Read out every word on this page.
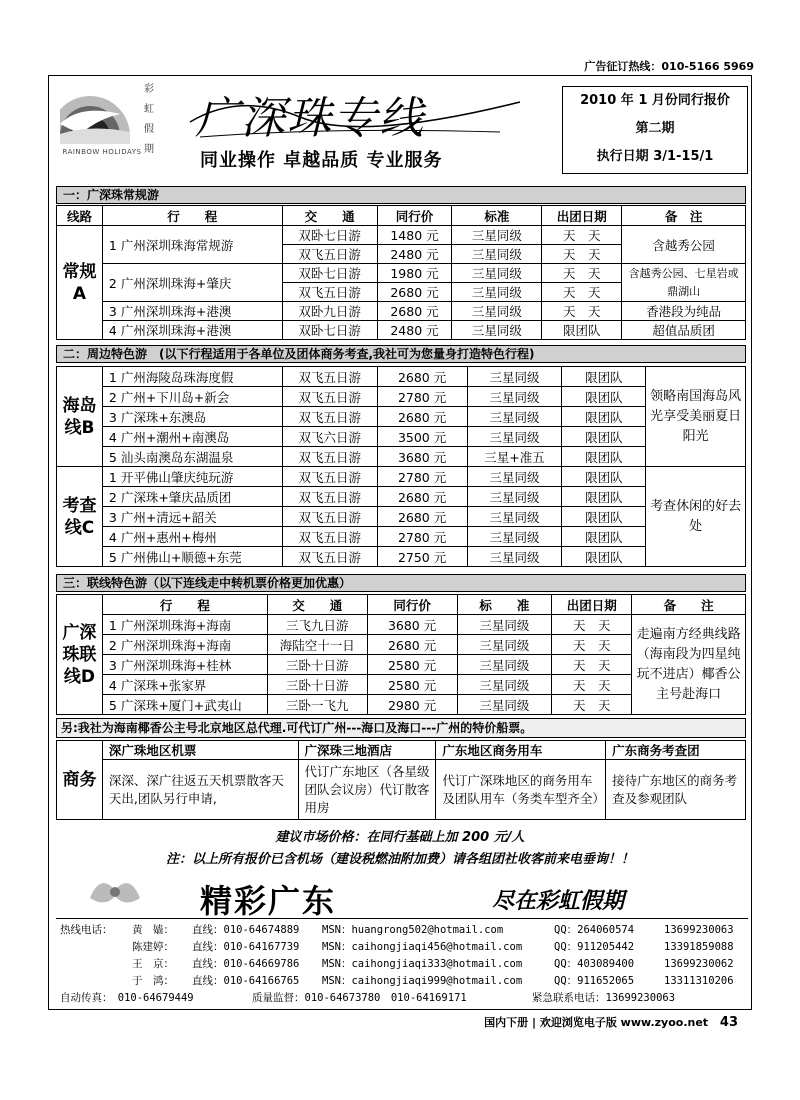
广告征订热线：010-5166 5969
彩
虹
假
期
RAINBOW HOLIDAYS
广深珠专线
同业操作 卓越品质 专业服务
2010 年 1 月份同行报价
第二期
执行日期 3/1-15/1
一：广深珠常规游
线路	行　　程	交　　通	同行价	标准	出团日期	备　注
常规A	1 广州深圳珠海常规游	双卧七日游	1480 元	三星同级	天　天	含越秀公园
		双飞五日游	2480 元	三星同级	天　天	
	2 广州深圳珠海+肇庆	双卧七日游	1980 元	三星同级	天　天	含越秀公园、七星岩或鼎湖山
		双飞五日游	2680 元	三星同级	天　天	
	3 广州深圳珠海+港澳	双卧九日游	2680 元	三星同级	天　天	香港段为纯品
	4 广州深圳珠海+港澳	双卧七日游	2480 元	三星同级	限团队	超值品质团
二：周边特色游　(以下行程适用于各单位及团体商务考查,我社可为您量身打造特色行程)
海岛线B	1 广州海陵岛珠海度假	双飞五日游	2680 元	三星同级	限团队	领略南国海岛风光享受美丽夏日阳光
	2 广州+下川岛+新会	双飞五日游	2780 元	三星同级	限团队	
	3 广深珠+东澳岛	双飞五日游	2680 元	三星同级	限团队	
	4 广州+潮州+南澳岛	双飞六日游	3500 元	三星同级	限团队	
	5 汕头南澳岛东湖温泉	双飞五日游	3680 元	三星+准五	限团队	
考查线C	1 开平佛山肇庆纯玩游	双飞五日游	2780 元	三星同级	限团队	考查休闲的好去处
	2 广深珠+肇庆品质团	双飞五日游	2680 元	三星同级	限团队	
	3 广州+清远+韶关	双飞五日游	2680 元	三星同级	限团队	
	4 广州+惠州+梅州	双飞五日游	2780 元	三星同级	限团队	
	5 广州佛山+顺德+东莞	双飞五日游	2750 元	三星同级	限团队	
三：联线特色游（以下连线走中转机票价格更加优惠）
广深珠联线D	行　　程	交　　通	同行价	标　　准	出团日期	备　　注
	1 广州深圳珠海+海南	三飞九日游	3680 元	三星同级	天　天	走遍南方经典线路（海南段为四星纯玩不进店）椰香公主号赴海口
	2 广州深圳珠海+海南	海陆空十一日	2680 元	三星同级	天　天	
	3 广州深圳珠海+桂林	三卧十日游	2580 元	三星同级	天　天	
	4 广深珠+张家界	三卧十日游	2580 元	三星同级	天　天	
	5 广深珠+厦门+武夷山	三卧一飞九	2980 元	三星同级	天　天	
另:我社为海南椰香公主号北京地区总代理.可代订广州---海口及海口---广州的特价船票。
商务	深广珠地区机票	广深珠三地酒店	广东地区商务用车	广东商务考查团
	深深、深广往返五天机票散客天天出,团队另行申请,	代订广东地区（各星级团队会议房）代订散客用房	代订广深珠地区的商务用车及团队用车（务类车型齐全）	接待广东地区的商务考查及参观团队
建议市场价格：在同行基础上加 200 元/人
注：以上所有报价已含机场（建设税燃油附加费）请各组团社收客前来电垂询！！
精彩广东	尽在彩虹假期
热线电话： 黄　嫱： 直线：010-64674889 MSN：huangrong502@hotmail.com	QQ：264060574	13699230063
陈建婷： 直线：010-64167739 MSN：caihongjiaqi456@hotmail.com	QQ：911205442	13391859088
王　京： 直线：010-64669786 MSN：caihongjiaqi333@hotmail.com	QQ：403089400	13699230062
于　鸿： 直线：010-64166765 MSN：caihongjiaqi999@hotmail.com	QQ：911652065	13311310206
自动传真：　010-64679449	质量监督：010-64673780　010-64169171	紧急联系电话：13699230063
国内下册 | 欢迎浏览电子版 www.zyoo.net 43
